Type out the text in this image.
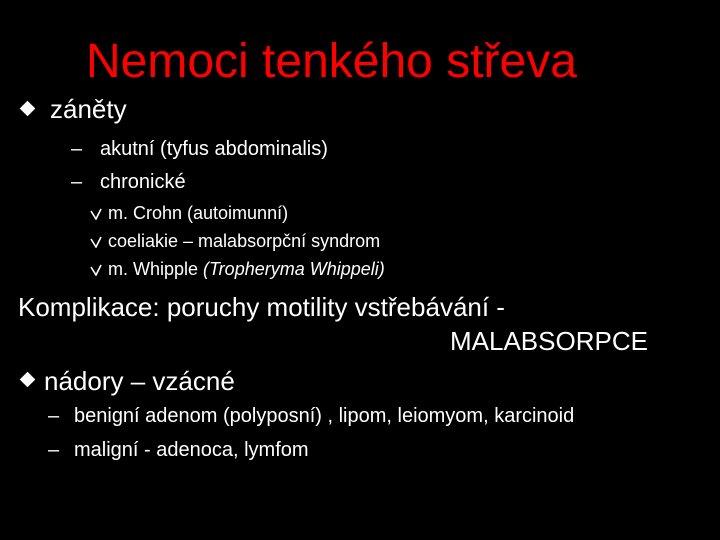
Nemoci tenkého střeva
záněty
– akutní (tyfus abdominalis)
– chronické
m. Crohn (autoimunní)
coeliakie – malabsorpční syndrom
m. Whipple (Tropheryma Whippeli)
Komplikace: poruchy motility vstřebávání -
MALABSORPCE
nádory – vzácné
– benigní adenom (polyposní) , lipom, leiomyom, karcinoid
– maligní - adenoca, lymfom
